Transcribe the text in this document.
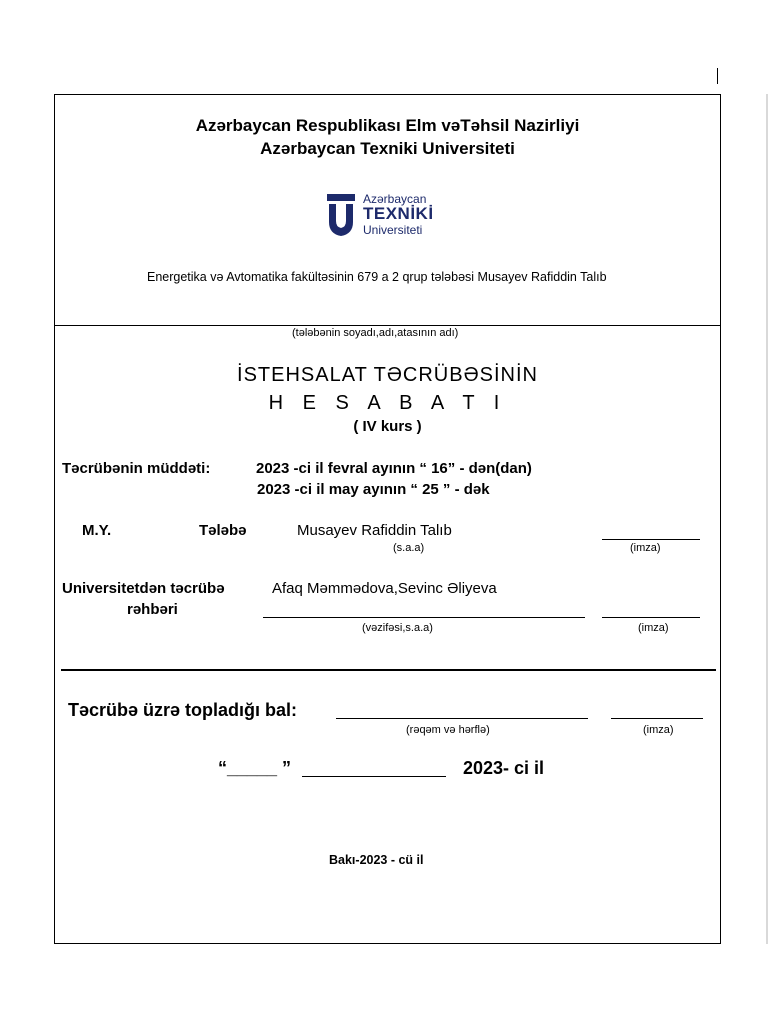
Azərbaycan Respublikası Elm vəTəhsil Nazirliyi
Azərbaycan Texniki Universiteti
Azərbaycan
TEXNİKİ
Universiteti
Energetika və Avtomatika fakültəsinin 679 a 2 qrup tələbəsi Musayev Rafiddin Talıb
(tələbənin soyadı,adı,atasının adı)
İSTEHSALAT TƏCRÜBƏSİNİN
H E S A B A T I
( IV kurs )
Təcrübənin müddəti:	2023 -ci il fevral ayının “ 16” - dən(dan)
2023 -ci il may ayının “ 25 ” - dək
M.Y.	Tələbə	Musayev Rafiddin Talıb
(s.a.a)	(imza)
Universitetdən təcrübə
rəhbəri
Afaq Məmmədova,Sevinc Əliyeva
(vəzifəsi,s.a.a)	(imza)
Təcrübə üzrə topladığı bal:
(rəqəm və hərflə)	(imza)
“_____ ”	2023- ci il
Bakı-2023 - cü il
